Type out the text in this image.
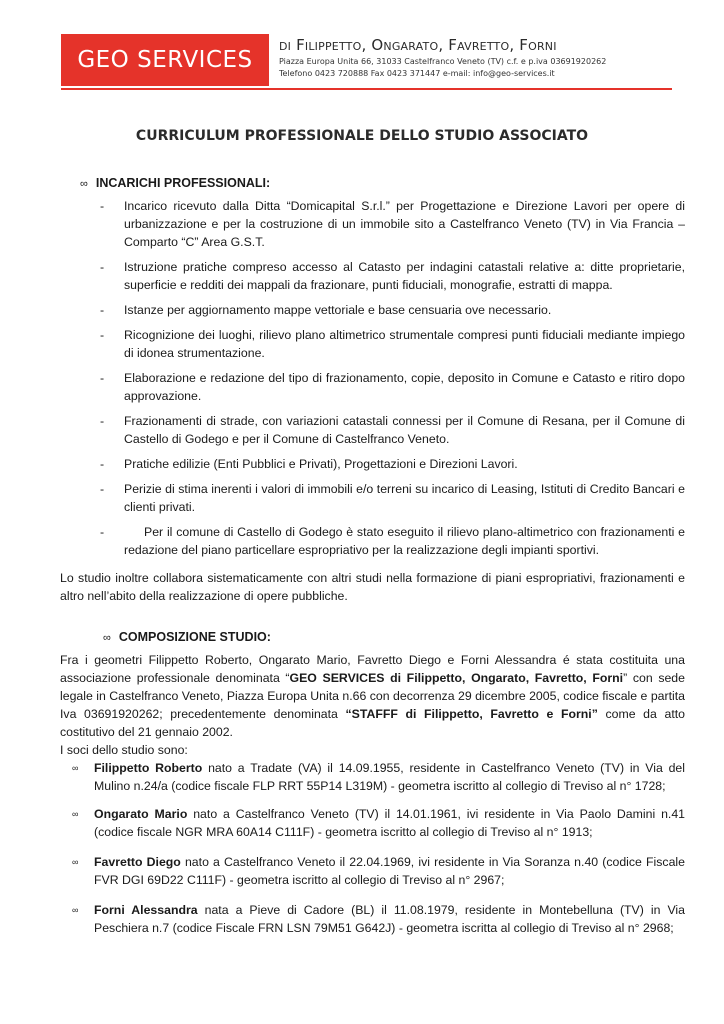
GEO SERVICES
di Filippetto, Ongarato, Favretto, Forni
Piazza Europa Unita 66, 31033 Castelfranco Veneto (TV) c.f. e p.iva 03691920262
Telefono 0423 720888 Fax 0423 371447 e-mail: info@geo-services.it
CURRICULUM PROFESSIONALE DELLO STUDIO ASSOCIATO
∞ INCARICHI PROFESSIONALI:
- Incarico ricevuto dalla Ditta “Domicapital S.r.l.” per Progettazione e Direzione Lavori per opere di urbanizzazione e per la costruzione di un immobile sito a Castelfranco Veneto (TV) in Via Francia – Comparto “C” Area G.S.T.
- Istruzione pratiche compreso accesso al Catasto per indagini catastali relative a: ditte proprietarie, superficie e redditi dei mappali da frazionare, punti fiduciali, monografie, estratti di mappa.
- Istanze per aggiornamento mappe vettoriale e base censuaria ove necessario.
- Ricognizione dei luoghi, rilievo plano altimetrico strumentale compresi punti fiduciali mediante impiego di idonea strumentazione.
- Elaborazione e redazione del tipo di frazionamento, copie, deposito in Comune e Catasto e ritiro dopo approvazione.
- Frazionamenti di strade, con variazioni catastali connessi per il Comune di Resana, per il Comune di Castello di Godego e per il Comune di Castelfranco Veneto.
- Pratiche edilizie (Enti Pubblici e Privati), Progettazioni e Direzioni Lavori.
- Perizie di stima inerenti i valori di immobili e/o terreni su incarico di Leasing, Istituti di Credito Bancari e clienti privati.
-	Per il comune di Castello di Godego è stato eseguito il rilievo plano-altimetrico con frazionamenti e redazione del piano particellare espropriativo per la realizzazione degli impianti sportivi.
Lo studio inoltre collabora sistematicamente con altri studi nella formazione di piani espropriativi, frazionamenti e altro nell’abito della realizzazione di opere pubbliche.
∞ COMPOSIZIONE STUDIO:
Fra i geometri Filippetto Roberto, Ongarato Mario, Favretto Diego e Forni Alessandra é stata costituita una associazione professionale denominata “GEO SERVICES di Filippetto, Ongarato, Favretto, Forni” con sede legale in Castelfranco Veneto, Piazza Europa Unita n.66 con decorrenza 29 dicembre 2005, codice fiscale e partita Iva 03691920262; precedentemente denominata “STAFFF di Filippetto, Favretto e Forni” come da atto costitutivo del 21 gennaio 2002.
I soci dello studio sono:
∞ Filippetto Roberto nato a Tradate (VA) il 14.09.1955, residente in Castelfranco Veneto (TV) in Via del Mulino n.24/a (codice fiscale FLP RRT 55P14 L319M) - geometra iscritto al collegio di Treviso al n° 1728;
∞ Ongarato Mario nato a Castelfranco Veneto (TV) il 14.01.1961, ivi residente in Via Paolo Damini n.41 (codice fiscale NGR MRA 60A14 C111F) - geometra iscritto al collegio di Treviso al n° 1913;
∞ Favretto Diego nato a Castelfranco Veneto il 22.04.1969, ivi residente in Via Soranza n.40 (codice Fiscale FVR DGI 69D22 C111F) - geometra iscritto al collegio di Treviso al n° 2967;
∞ Forni Alessandra nata a Pieve di Cadore (BL) il 11.08.1979, residente in Montebelluna (TV) in Via Peschiera n.7 (codice Fiscale FRN LSN 79M51 G642J) - geometra iscritta al collegio di Treviso al n° 2968;
